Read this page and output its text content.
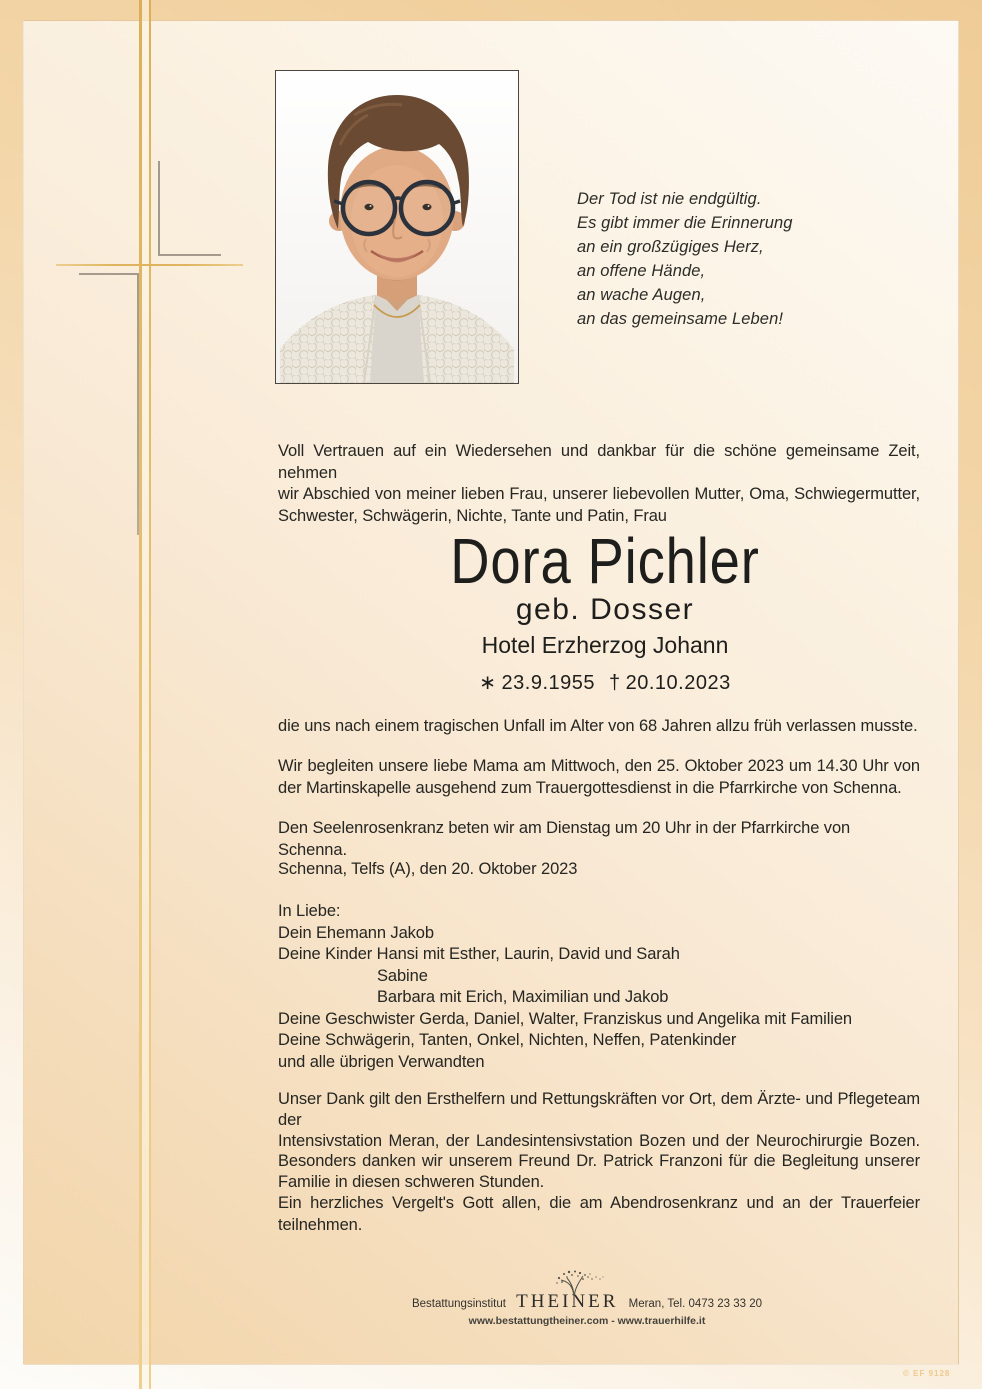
Der Tod ist nie endgültig.
Es gibt immer die Erinnerung
an ein großzügiges Herz,
an offene Hände,
an wache Augen,
an das gemeinsame Leben!
Voll Vertrauen auf ein Wiedersehen und dankbar für die schöne gemeinsame Zeit, nehmen
wir Abschied von meiner lieben Frau, unserer liebevollen Mutter, Oma, Schwiegermutter,
Schwester, Schwägerin, Nichte, Tante und Patin, Frau
Dora Pichler
geb. Dosser
Hotel Erzherzog Johann
∗ 23.9.1955 † 20.10.2023
die uns nach einem tragischen Unfall im Alter von 68 Jahren allzu früh verlassen musste.
Wir begleiten unsere liebe Mama am Mittwoch, den 25. Oktober 2023 um 14.30 Uhr von
der Martinskapelle ausgehend zum Trauergottesdienst in die Pfarrkirche von Schenna.
Den Seelenrosenkranz beten wir am Dienstag um 20 Uhr in der Pfarrkirche von Schenna.
Schenna, Telfs (A), den 20. Oktober 2023
In Liebe:
Dein Ehemann Jakob
Deine Kinder Hansi mit Esther, Laurin, David und Sarah
Sabine
Barbara mit Erich, Maximilian und Jakob
Deine Geschwister Gerda, Daniel, Walter, Franziskus und Angelika mit Familien
Deine Schwägerin, Tanten, Onkel, Nichten, Neffen, Patenkinder
und alle übrigen Verwandten
Unser Dank gilt den Ersthelfern und Rettungskräften vor Ort, dem Ärzte- und Pflegeteam der
Intensivstation Meran, der Landesintensivstation Bozen und der Neurochirurgie Bozen.
Besonders danken wir unserem Freund Dr. Patrick Franzoni für die Begleitung unserer
Familie in diesen schweren Stunden.
Ein herzliches Vergelt's Gott allen, die am Abendrosenkranz und an der Trauerfeier
teilnehmen.
Bestattungsinstitut THEINER Meran, Tel. 0473 23 33 20
www.bestattungtheiner.com - www.trauerhilfe.it
© EF 9128
